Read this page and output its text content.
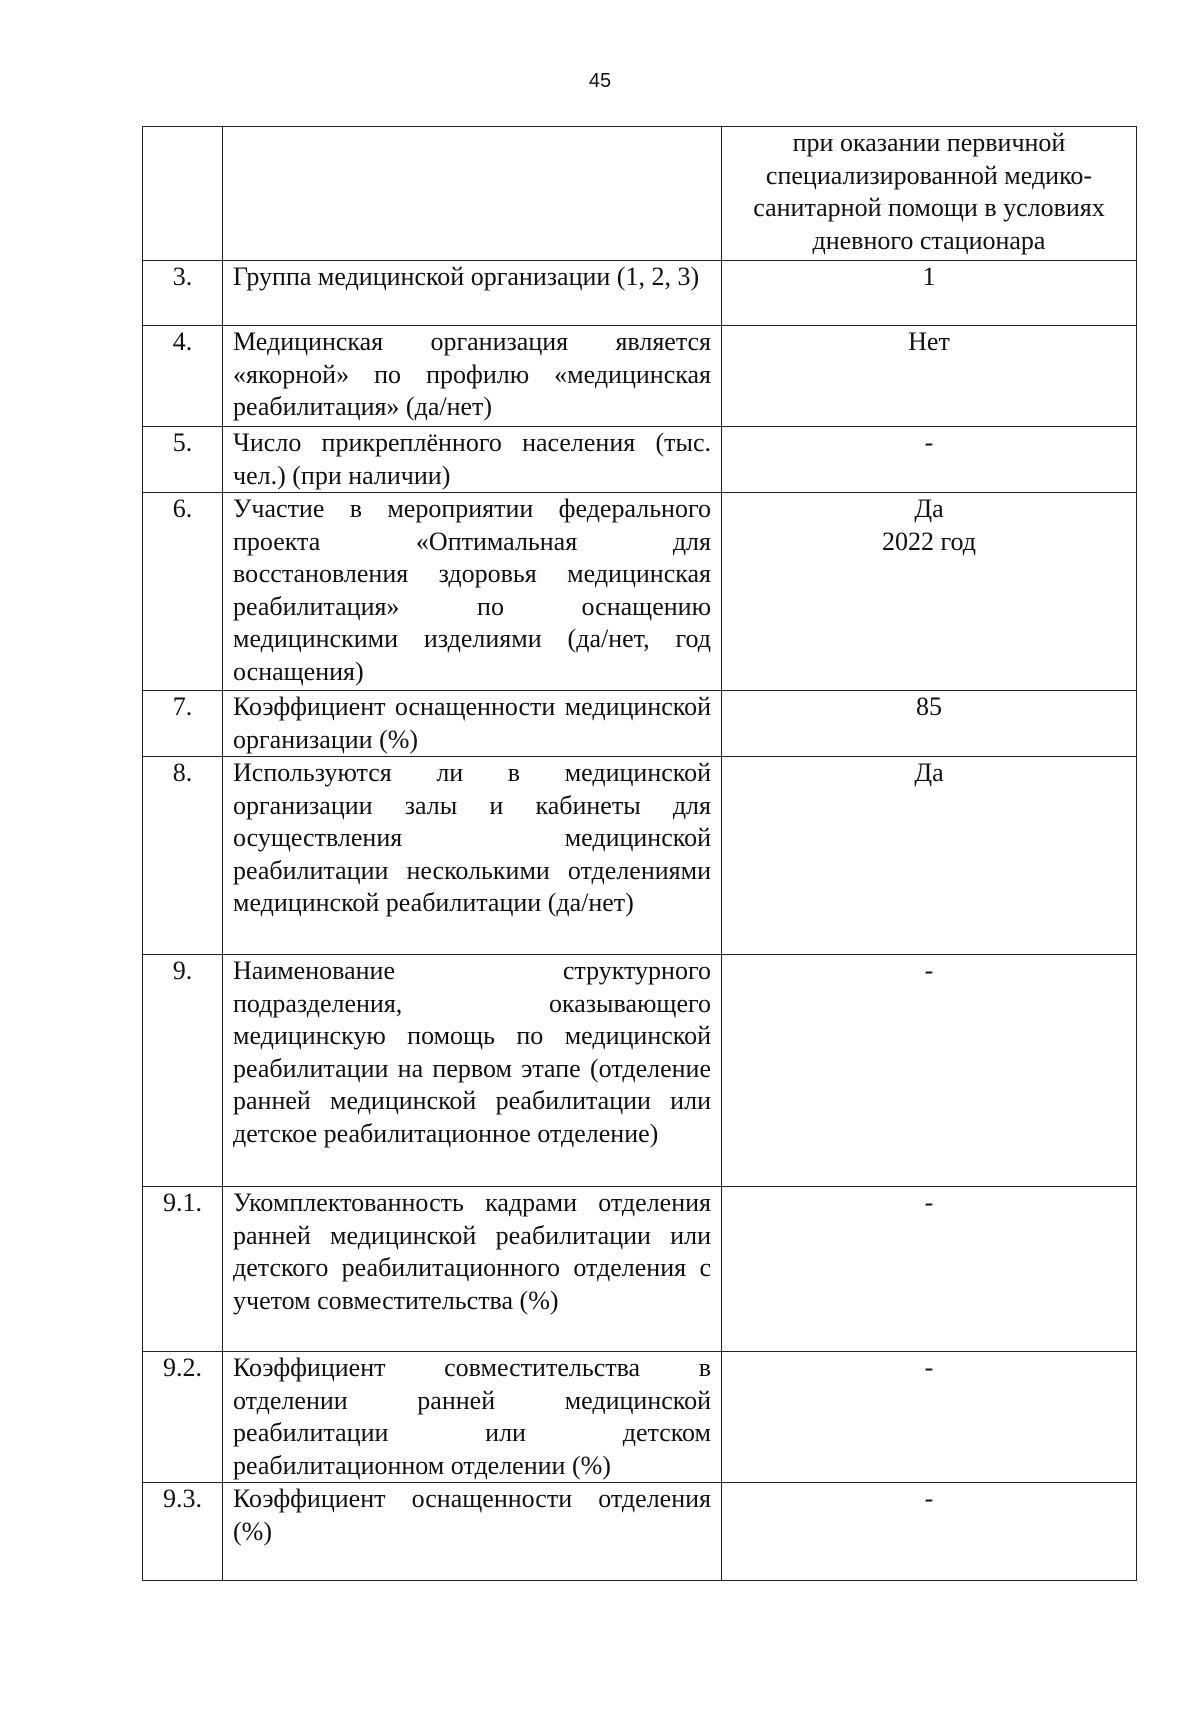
45
		при оказании первичной специализированной медико-санитарной помощи в условиях дневного стационара
3.	Группа медицинской организации (1, 2, 3)	1

4.	Медицинская организация является «якорной» по профилю «медицинская реабилитация» (да/нет)	Нет

5.	Число прикреплённого населения (тыс. чел.) (при наличии)	-

6.	Участие в мероприятии федерального проекта «Оптимальная для восстановления здоровья медицинская реабилитация» по оснащению медицинскими изделиями (да/нет, год оснащения)	Да
2022 год

7.	Коэффициент оснащенности медицинской организации (%)	85

8.	Используются ли в медицинской организации залы и кабинеты для осуществления медицинской реабилитации несколькими отделениями медицинской реабилитации (да/нет)	Да

9.	Наименование структурного подразделения, оказывающего медицинскую помощь по медицинской реабилитации на первом этапе (отделение ранней медицинской реабилитации или детское реабилитационное отделение)	-

9.1.	Укомплектованность кадрами отделения ранней медицинской реабилитации или детского реабилитационного отделения с учетом совместительства (%)	-

9.2.	Коэффициент совместительства в отделении ранней медицинской реабилитации или детском реабилитационном отделении (%)	-

9.3.	Коэффициент оснащенности отделения (%)	-
